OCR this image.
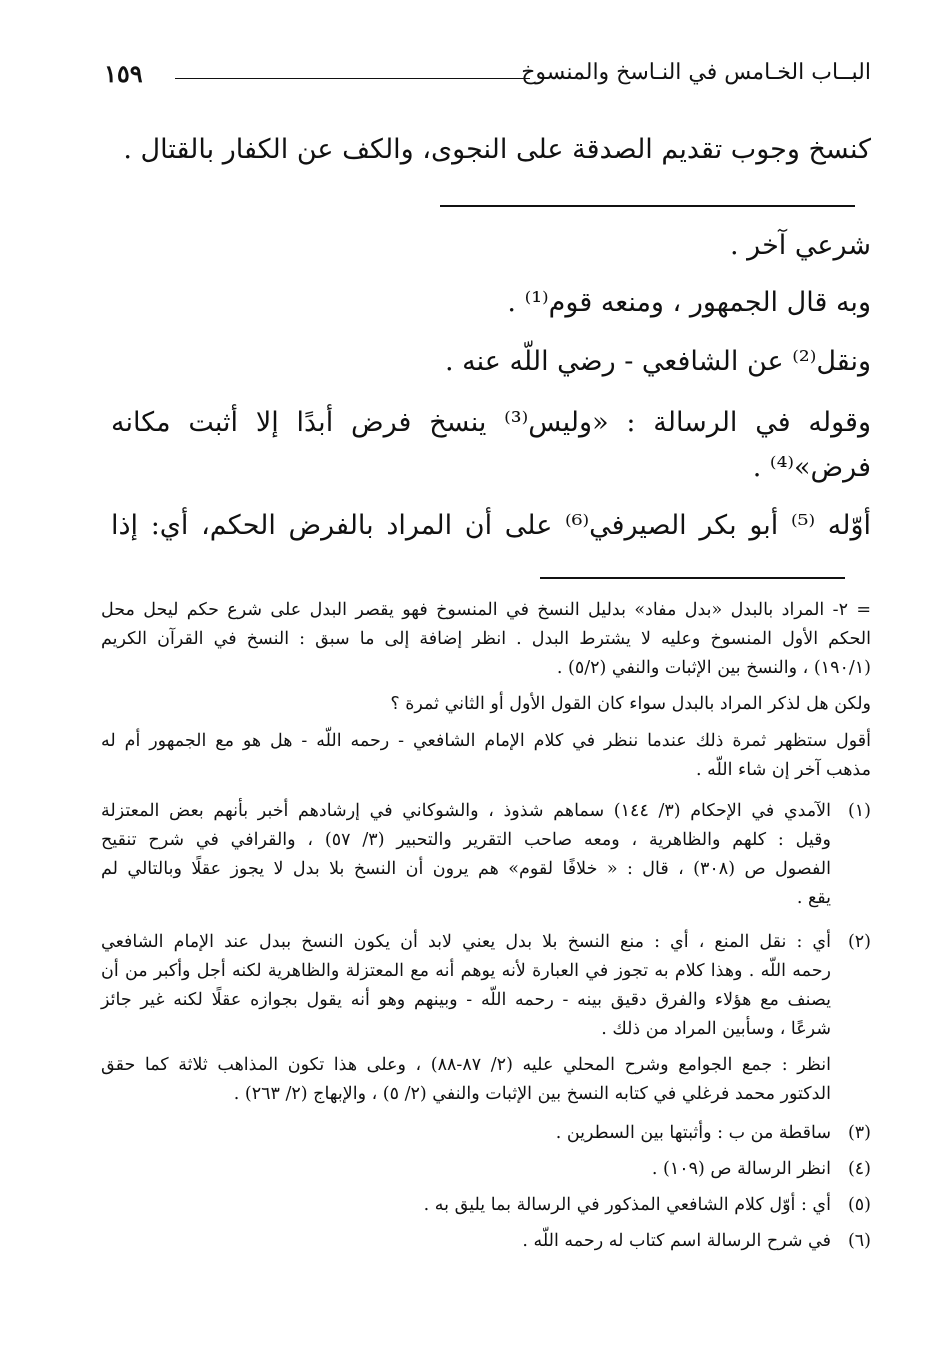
البــاب الخـامس في النـاسخ والمنسوخ
١٥٩
كنسخ وجوب تقديم الصدقة على النجوى، والكف عن الكفار بالقتال .
شرعي آخر .
وبه قال الجمهور ، ومنعه قوم⁽¹⁾ .
ونقل⁽²⁾ عن الشافعي - رضي اللّه عنه .
وقوله في الرسالة : «وليس⁽³⁾ ينسخ فرض أبدًا إلا أثبت مكانه
فرض»⁽⁴⁾ .
أوّله ⁽⁵⁾ أبو بكر الصيرفي⁽⁶⁾ على أن المراد بالفرض الحكم، أي: إذا
= ٢- المراد بالبدل «بدل مفاد» بدليل النسخ في المنسوخ فهو يقصر البدل على شرع حكم ليحل محل
الحكم الأول المنسوخ وعليه لا يشترط البدل . انظر إضافة إلى ما سبق : النسخ في القرآن الكريم
(١٩٠/١) ، والنسخ بين الإثبات والنفي (٥/٢) .
ولكن هل لذكر المراد بالبدل سواء كان القول الأول أو الثاني ثمرة ؟
أقول ستظهر ثمرة ذلك عندما ننظر في كلام الإمام الشافعي - رحمه اللّه - هل هو مع الجمهور أم له
مذهب آخر إن شاء اللّه .
(١)
الآمدي في الإحكام (٣/ ١٤٤) سماهم شذوذ ، والشوكاني في إرشادهم أخبر بأنهم بعض المعتزلة
وقيل : كلهم والظاهرية ، ومعه صاحب التقرير والتحبير (٣/ ٥٧) ، والقرافي في شرح تنقيح
الفصول ص (٣٠٨) ، قال : « خلافًا لقوم» هم يرون أن النسخ بلا بدل لا يجوز عقلًا وبالتالي لم
يقع .
(٢)
أي : نقل المنع ، أي : منع النسخ بلا بدل يعني لابد أن يكون النسخ ببدل عند الإمام الشافعي
رحمه اللّه . وهذا كلام به تجوز في العبارة لأنه يوهم أنه مع المعتزلة والظاهرية لكنه أجل وأكبر من أن
يصنف مع هؤلاء والفرق دقيق بينه - رحمه اللّه - وبينهم وهو أنه يقول بجوازه عقلًا لكنه غير جائز
شرعًا ، وسأبين المراد من ذلك .
انظر : جمع الجوامع وشرح المحلي عليه (٢/ ٨٧-٨٨) ، وعلى هذا تكون المذاهب ثلاثة كما حقق
الدكتور محمد فرغلي في كتابه النسخ بين الإثبات والنفي (٢/ ٥) ، والإبهاج (٢/ ٢٦٣) .
(٣)
ساقطة من ب : وأثبتها بين السطرين .
(٤)
انظر الرسالة ص (١٠٩) .
(٥)
أي : أوّل كلام الشافعي المذكور في الرسالة بما يليق به .
(٦)
في شرح الرسالة اسم كتاب له رحمه اللّه .
